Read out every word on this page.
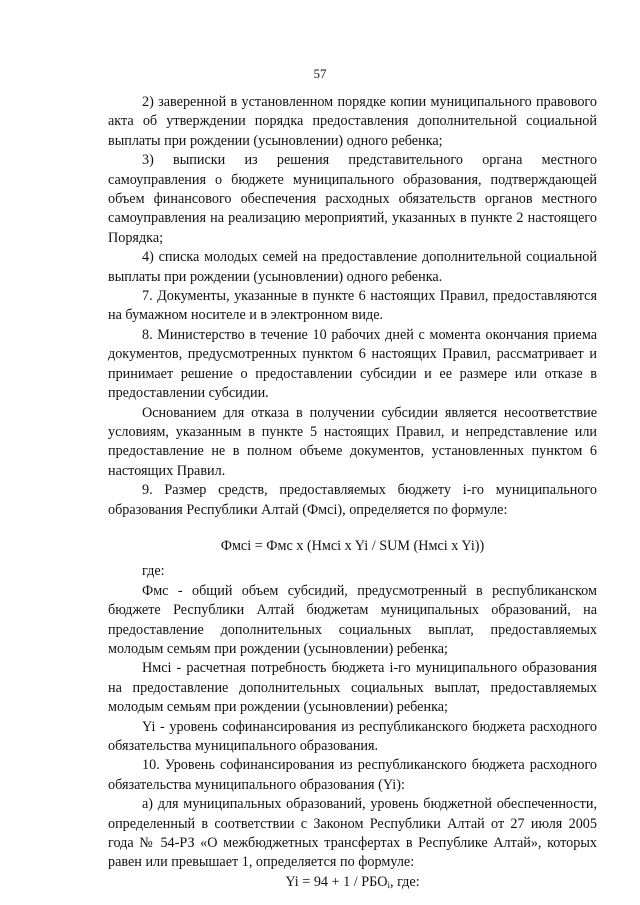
57

2) заверенной в установленном порядке копии муниципального правового акта об утверждении порядка предоставления дополнительной социальной выплаты при рождении (усыновлении) одного ребенка;

3) выписки из решения представительного органа местного самоуправления о бюджете муниципального образования, подтверждающей объем финансового обеспечения расходных обязательств органов местного самоуправления на реализацию мероприятий, указанных в пункте 2 настоящего Порядка;

4) списка молодых семей на предоставление дополнительной социальной выплаты при рождении (усыновлении) одного ребенка.

7. Документы, указанные в пункте 6 настоящих Правил, предоставляются на бумажном носителе и в электронном виде.

8. Министерство в течение 10 рабочих дней с момента окончания приема документов, предусмотренных пунктом 6 настоящих Правил, рассматривает и принимает решение о предоставлении субсидии и ее размере или отказе в предоставлении субсидии.

Основанием для отказа в получении субсидии является несоответствие условиям, указанным в пункте 5 настоящих Правил, и непредставление или предоставление не в полном объеме документов, установленных пунктом 6 настоящих Правил.

9. Размер средств, предоставляемых бюджету i-го муниципального образования Республики Алтай (Фмсi), определяется по формуле:

Фмсi = Фмс x (Нмсi x Yi / SUM (Нмсi x Yi))

где:

Фмс - общий объем субсидий, предусмотренный в республиканском бюджете Республики Алтай бюджетам муниципальных образований, на предоставление дополнительных социальных выплат, предоставляемых молодым семьям при рождении (усыновлении) ребенка;

Нмсi - расчетная потребность бюджета i-го муниципального образования на предоставление дополнительных социальных выплат, предоставляемых молодым семьям при рождении (усыновлении) ребенка;

Yi - уровень софинансирования из республиканского бюджета расходного обязательства муниципального образования.

10. Уровень софинансирования из республиканского бюджета расходного обязательства муниципального образования (Yi):

а) для муниципальных образований, уровень бюджетной обеспеченности, определенный в соответствии с Законом Республики Алтай от 27 июля 2005 года № 54-РЗ «О межбюджетных трансфертах в Республике Алтай», которых равен или превышает 1, определяется по формуле:

$Yi = 94 + 1 / РБО_i$, где:
